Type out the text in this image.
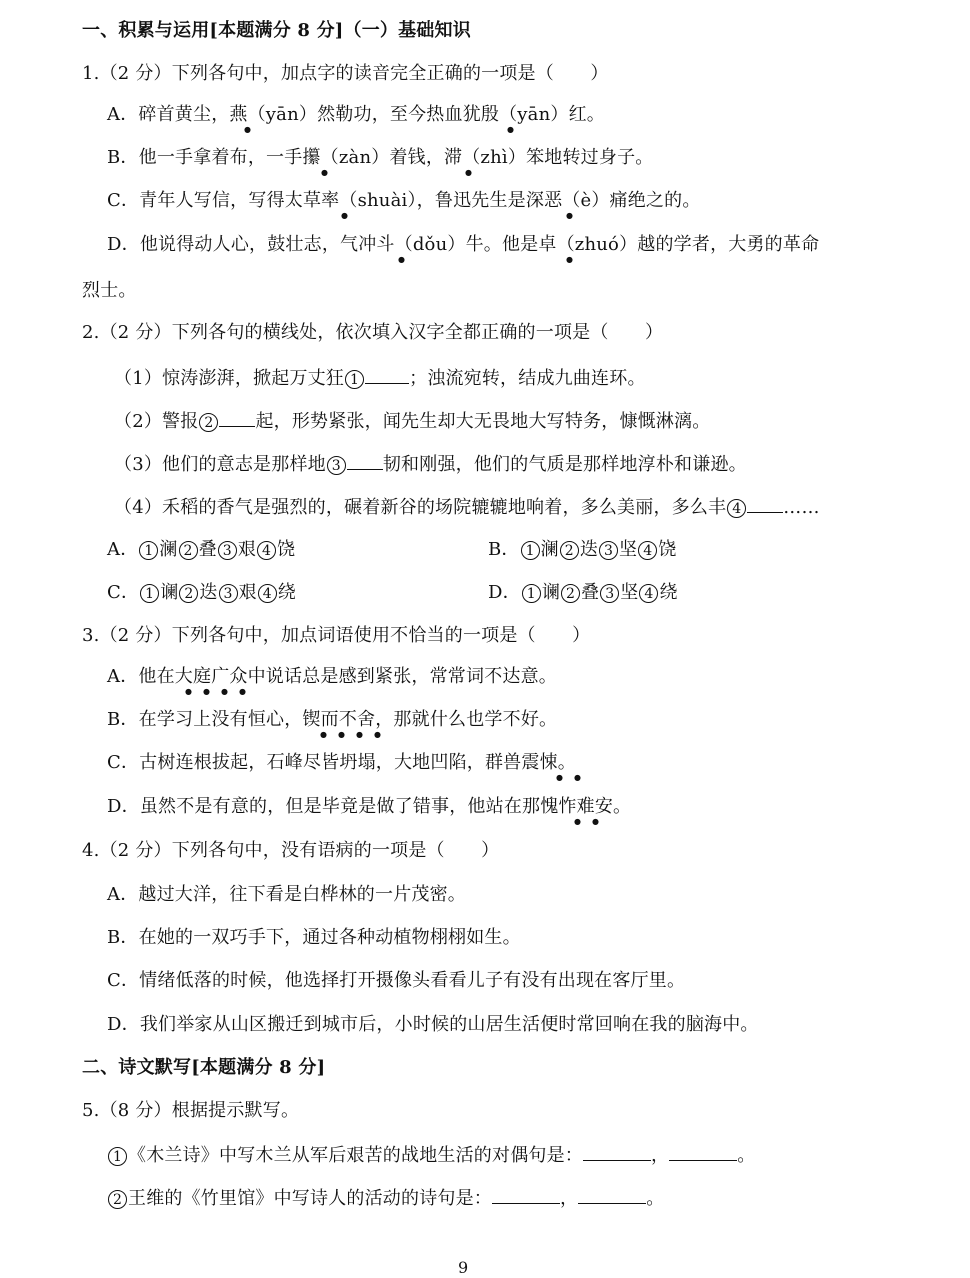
一、积累与运用[本题满分 8 分]（一）基础知识
1.（2 分）下列各句中，加点字的读音完全正确的一项是（　　）
A．碎首黄尘，燕（yān）然勒功，至今热血犹殷（yān）红。
B．他一手拿着布，一手攥（zàn）着钱，滞（zhì）笨地转过身子。
C．青年人写信，写得太草率（shuài），鲁迅先生是深恶（è）痛绝之的。
D．他说得动人心，鼓壮志，气冲斗（dǒu）牛。他是卓（zhuó）越的学者，大勇的革命
烈士。
●	●
●	●
●	●
●	●
2.（2 分）下列各句的横线处，依次填入汉字全都正确的一项是（　　）
（1）惊涛澎湃，掀起万丈狂 1	；浊流宛转，结成九曲连环。
（2）警报 2 起，形势紧张，闻先生却大无畏地大写特务，慷慨淋漓。
（3）他们的意志是那样地 3 韧和刚强，他们的气质是那样地淳朴和谦逊。
（4）禾稻的香气是强烈的，碾着新谷的场院辘辘地响着，多么美丽，多么丰 4 ……
A． 1 澜 2 叠 3 艰 4 饶	B． 1 澜 2 迭 3 坚 4 饶
C． 1 谰 2 迭 3 艰 4 绕	D． 1 谰 2 叠 3 坚 4 绕
3.（2 分）下列各句中，加点词语使用不恰当的一项是（　　）
A．他在大庭广众中说话总是感到紧张，常常词不达意。
B．在学习上没有恒心，锲而不舍，那就什么也学不好。
C．古树连根拔起，石峰尽皆坍塌，大地凹陷，群兽震悚。
D．虽然不是有意的，但是毕竟是做了错事，他站在那愧怍难安。
● ● ● ●
● ● ● ●
● ●
● ●
4.（2 分）下列各句中，没有语病的一项是（　　）
A．越过大洋，往下看是白桦林的一片茂密。
B．在她的一双巧手下，通过各种动植物栩栩如生。
C．情绪低落的时候，他选择打开摄像头看看儿子有没有出现在客厅里。
D．我们举家从山区搬迁到城市后，小时候的山居生活便时常回响在我的脑海中。
二、诗文默写[本题满分 8 分]
5.（8 分）根据提示默写。
1 《木兰诗》中写木兰从军后艰苦的战地生活的对偶句是：	，	。
2 王维的《竹里馆》中写诗人的活动的诗句是：	，	。
9
